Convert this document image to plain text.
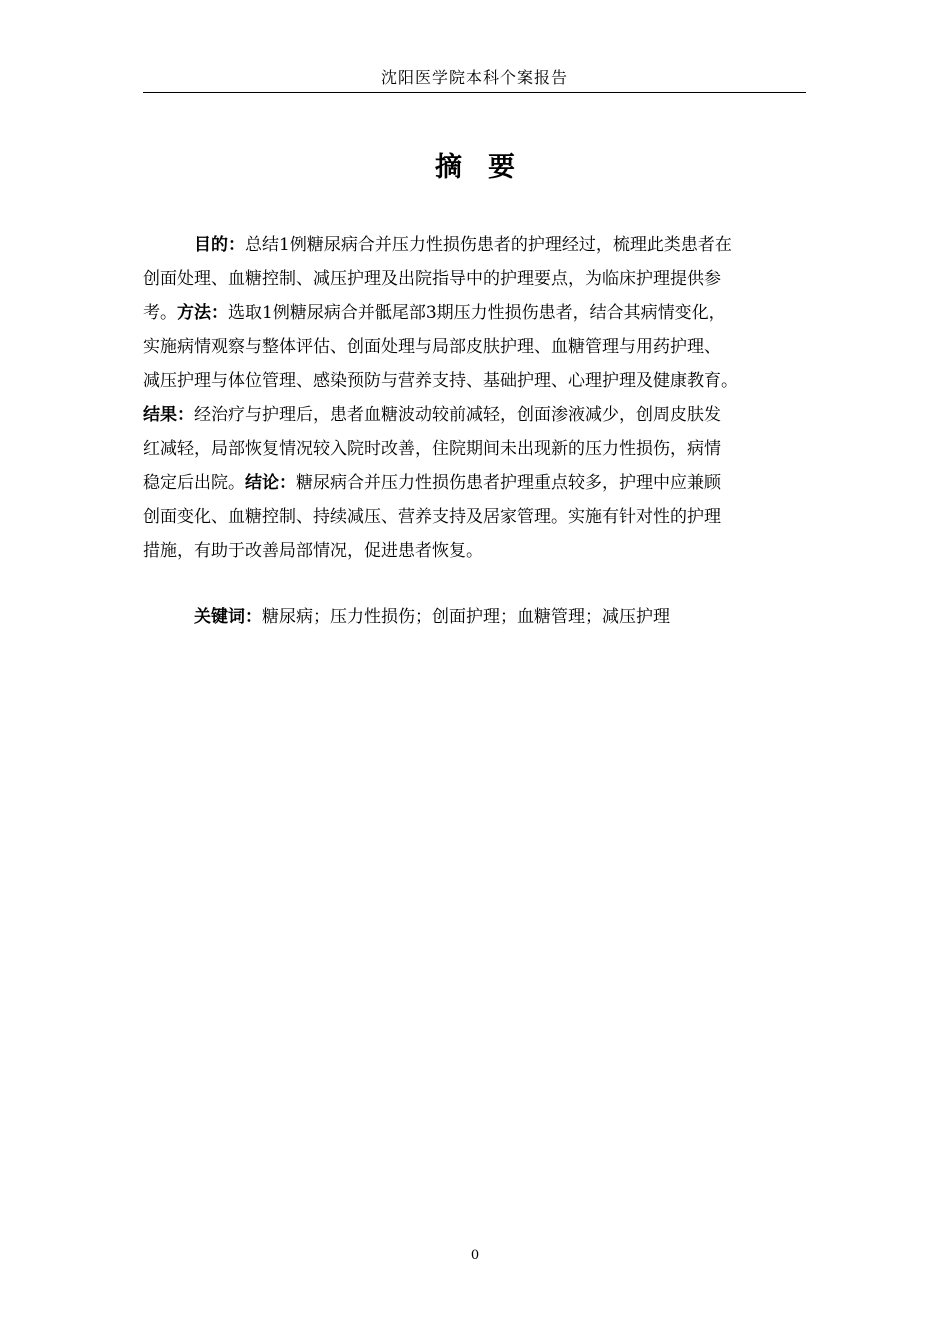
沈阳医学院本科个案报告
摘要
目的：总结1例糖尿病合并压力性损伤患者的护理经过，梳理此类患者在
创面处理、血糖控制、减压护理及出院指导中的护理要点，为临床护理提供参
考。方法：选取1例糖尿病合并骶尾部3期压力性损伤患者，结合其病情变化，
实施病情观察与整体评估、创面处理与局部皮肤护理、血糖管理与用药护理、
减压护理与体位管理、感染预防与营养支持、基础护理、心理护理及健康教育。
结果：经治疗与护理后，患者血糖波动较前减轻，创面渗液减少，创周皮肤发
红减轻，局部恢复情况较入院时改善，住院期间未出现新的压力性损伤，病情
稳定后出院。结论：糖尿病合并压力性损伤患者护理重点较多，护理中应兼顾
创面变化、血糖控制、持续减压、营养支持及居家管理。实施有针对性的护理
措施，有助于改善局部情况，促进患者恢复。
关键词：糖尿病；压力性损伤；创面护理；血糖管理；减压护理
0
